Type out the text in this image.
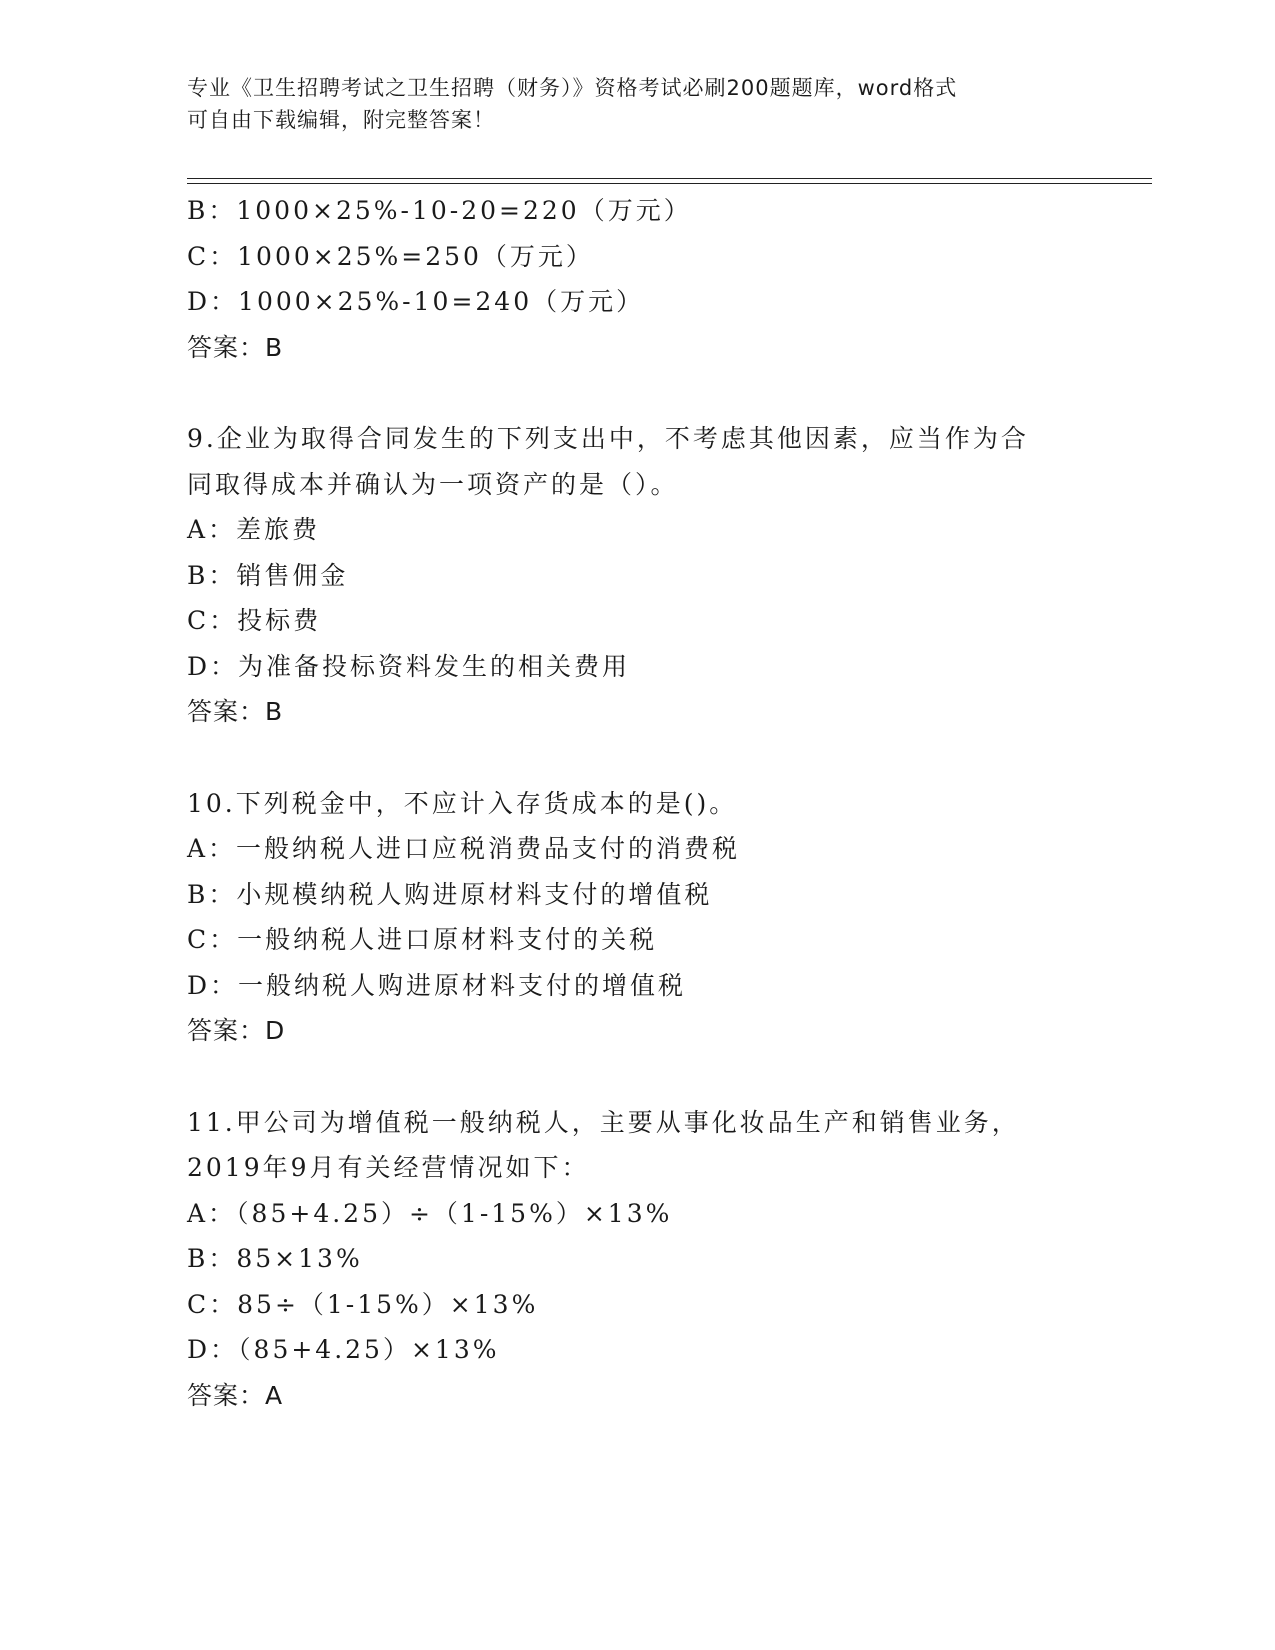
专业《卫生招聘考试之卫生招聘（财务）》资格考试必刷200题题库，word格式
可自由下载编辑，附完整答案！
B：1000×25%-10-20=220（万元）
C：1000×25%=250（万元）
D：1000×25%-10=240（万元）
答案：B
9.企业为取得合同发生的下列支出中，不考虑其他因素，应当作为合
同取得成本并确认为一项资产的是（）。
A：差旅费
B：销售佣金
C：投标费
D：为准备投标资料发生的相关费用
答案：B
10.下列税金中，不应计入存货成本的是()。
A：一般纳税人进口应税消费品支付的消费税
B：小规模纳税人购进原材料支付的增值税
C：一般纳税人进口原材料支付的关税
D：一般纳税人购进原材料支付的增值税
答案：D
11.甲公司为增值税一般纳税人，主要从事化妆品生产和销售业务，
2019年9月有关经营情况如下：
A：（85+4.25）÷（1-15%）×13%
B：85×13%
C：85÷（1-15%）×13%
D：（85+4.25）×13%
答案：A
